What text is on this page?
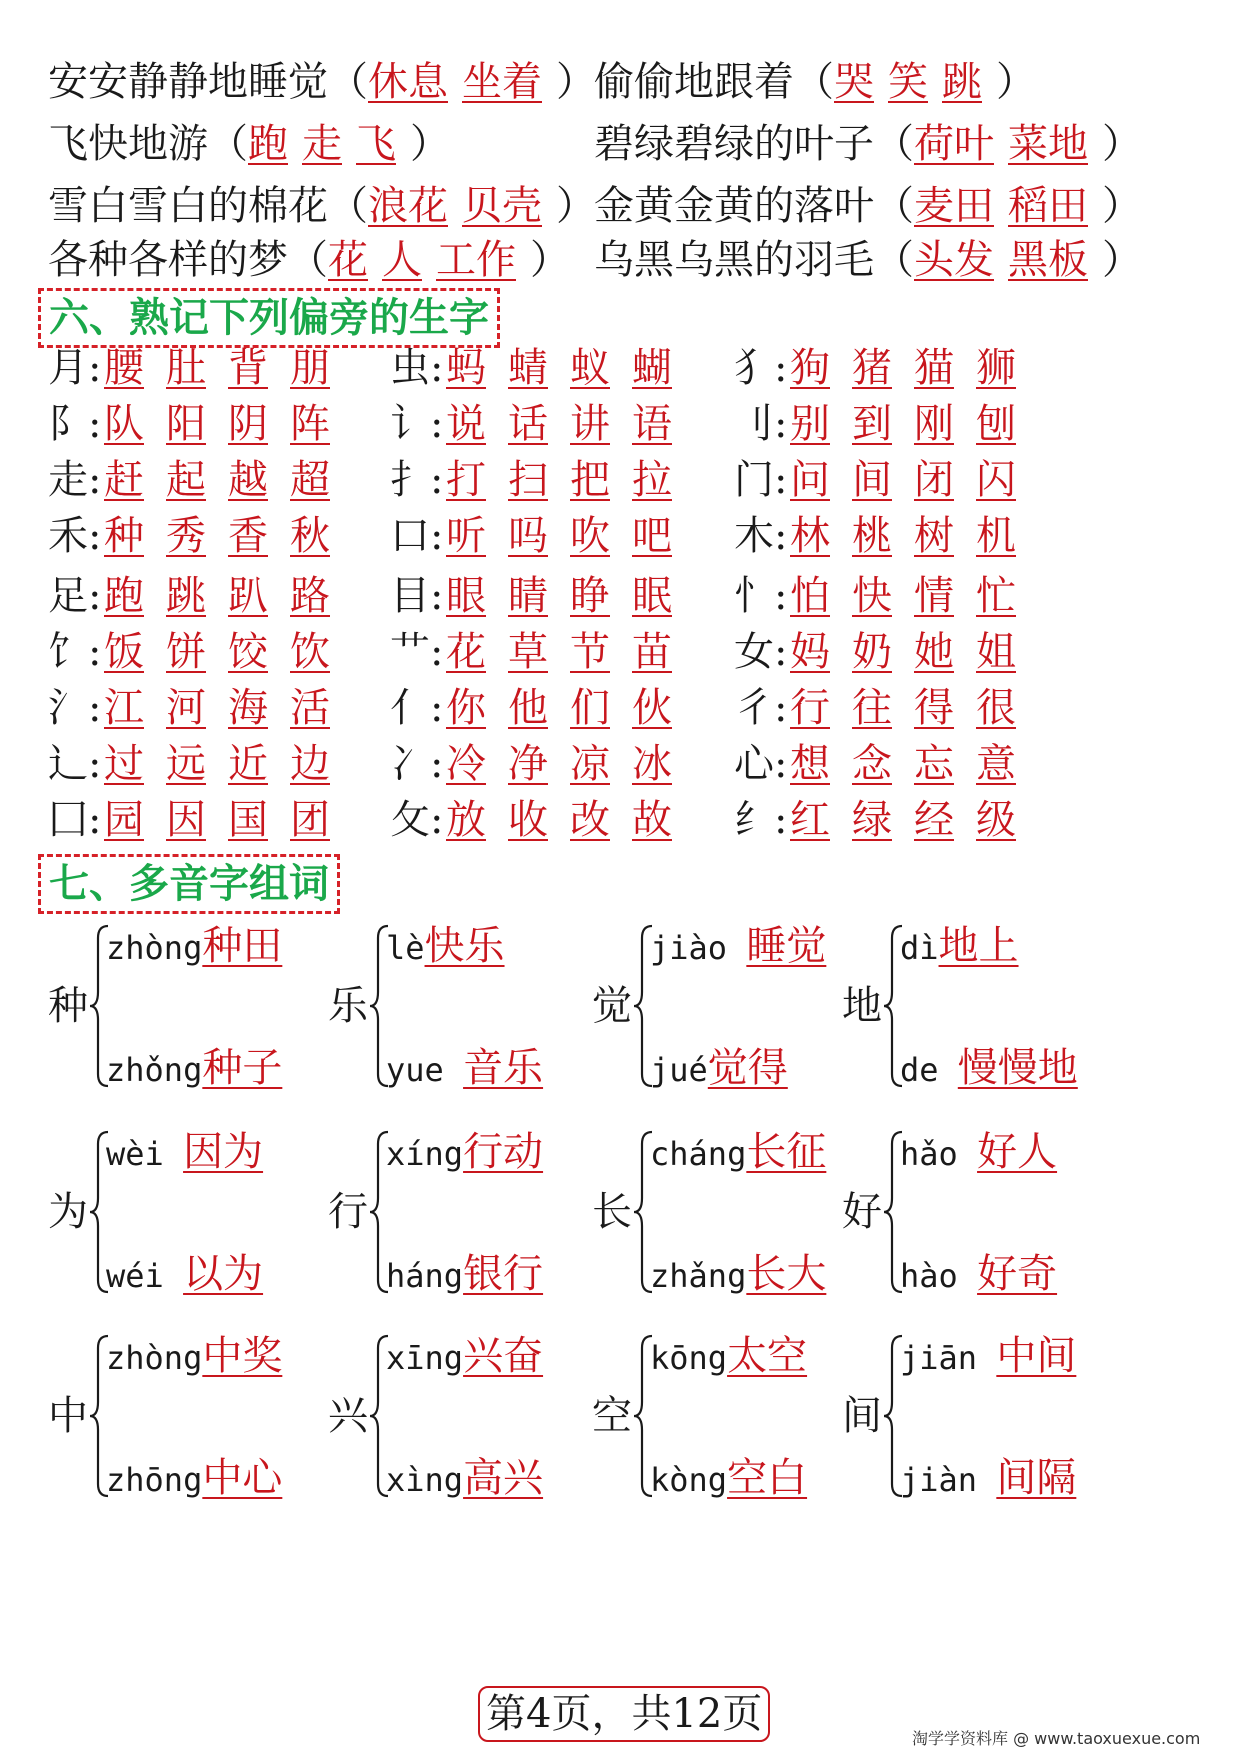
安安静静地睡觉（休息 坐着 ）
偷偷地跟着（哭 笑 跳 ）
飞快地游（跑 走 飞 ）	碧绿碧绿的叶子（荷叶 菜地 ）
雪白雪白的棉花（浪花 贝壳 ）
金黄金黄的落叶（麦田 稻田 ）
各种各样的梦（花 人 工作 ） 乌黑乌黑的羽毛（头发 黑板 ）
六、熟记下列偏旁的生字
月:腰 肚 背 朋 虫:蚂 蜻 蚁 蝴 犭:狗 猪 猫 狮
阝:队 阳 阴 阵 讠:说 话 讲 语 刂:别 到 刚 刨
走:赶 起 越 超 扌:打 扫 把 拉 门:问 间 闭 闪
禾:种 秀 香 秋 口:听 吗 吹 吧 木:林 桃 树 机
足:跑 跳 趴 路 目:眼 睛 睁 眠 忄:怕 快 情 忙
饣:饭 饼 饺 饮 艹:花 草 节 苗 女:妈 奶 她 姐
氵:江 河 海 活 亻:你 他 们 伙 彳:行 往 得 很
辶:过 远 近 边 冫:冷 净 凉 冰 心:想 念 忘 意
囗:园 因 国 团 攵:放 收 改 故 纟:红 绿 经 级
七、多音字组词
种
zhòng种田
zhǒng种子
乐
lè快乐
yue 音乐
觉
jiào 睡觉
jué觉得
地
dì地上
de 慢慢地
为
wèi 因为
wéi 以为
行
xíng行动
háng银行
长
cháng长征
zhǎng长大
好
hǎo 好人
hào 好奇
中
zhòng中奖
zhōng中心
兴
xīng兴奋
xìng高兴
空
kōng太空
kòng空白
间
jiān 中间
jiàn 间隔
第4页，共12页
淘学学资料库 @ www.taoxuexue.com
